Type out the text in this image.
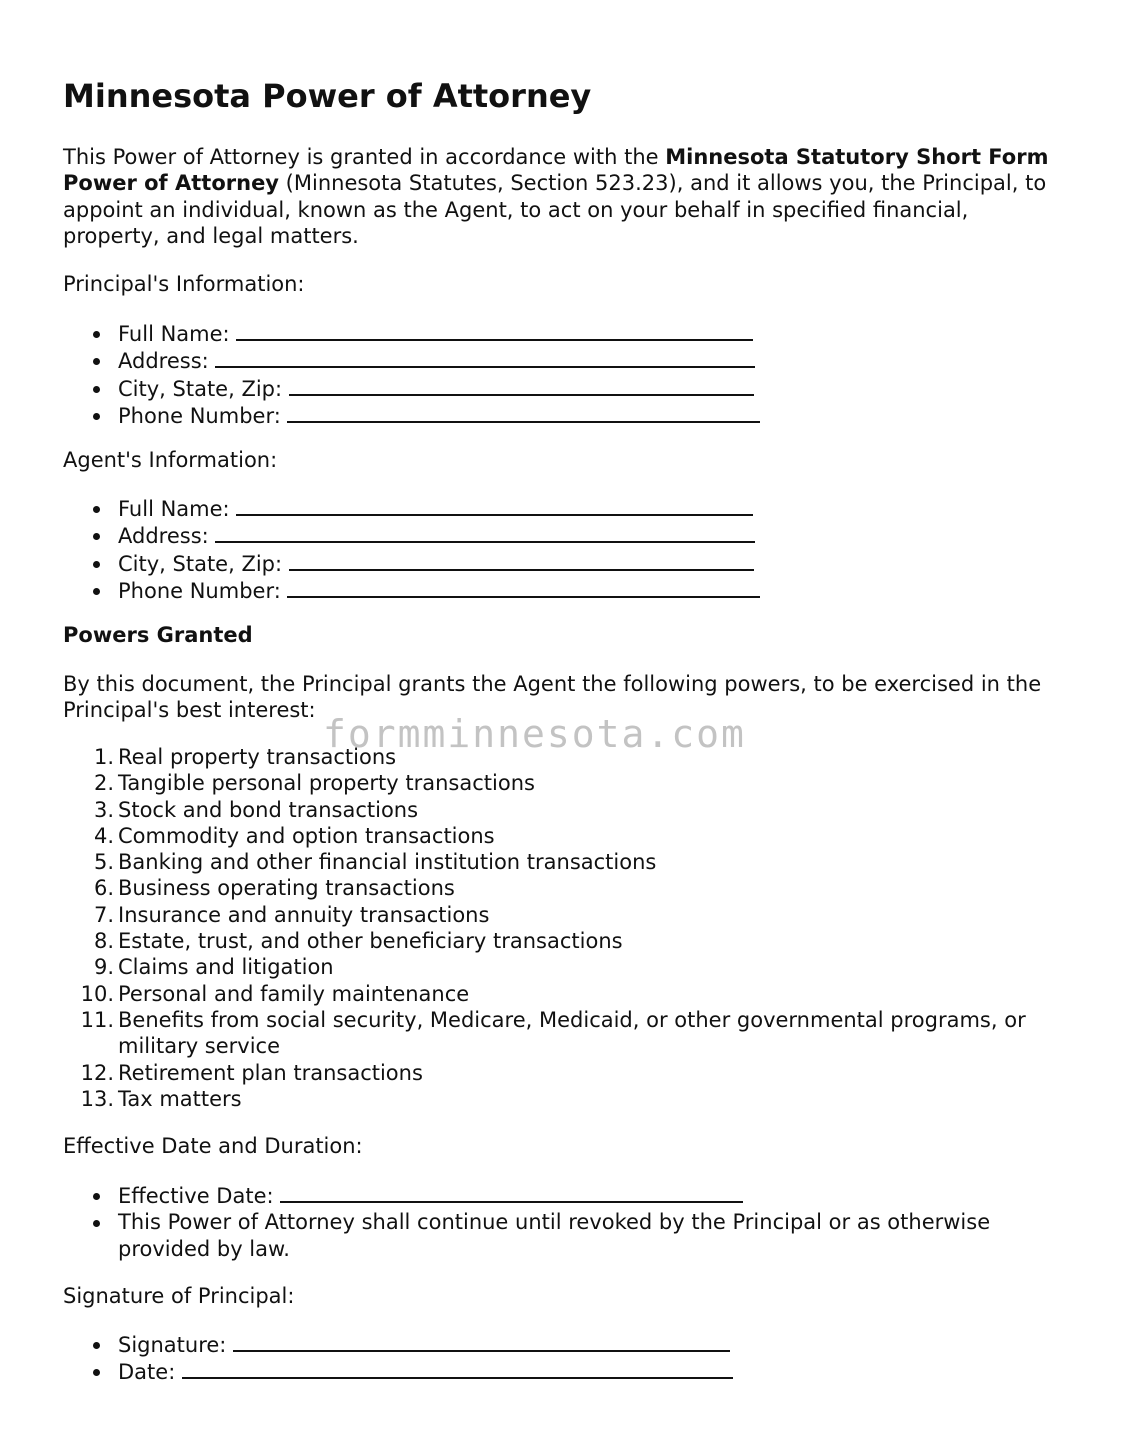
Minnesota Power of Attorney

This Power of Attorney is granted in accordance with the Minnesota Statutory Short Form Power of Attorney (Minnesota Statutes, Section 523.23), and it allows you, the Principal, to appoint an individual, known as the Agent, to act on your behalf in specified financial, property, and legal matters.

Principal's Information:

Full Name:
Address:
City, State, Zip:
Phone Number:

Agent's Information:

Full Name:
Address:
City, State, Zip:
Phone Number:

Powers Granted

By this document, the Principal grants the Agent the following powers, to be exercised in the Principal's best interest:

1. Real property transactions
2. Tangible personal property transactions
3. Stock and bond transactions
4. Commodity and option transactions
5. Banking and other financial institution transactions
6. Business operating transactions
7. Insurance and annuity transactions
8. Estate, trust, and other beneficiary transactions
9. Claims and litigation
10. Personal and family maintenance
11. Benefits from social security, Medicare, Medicaid, or other governmental programs, or military service
12. Retirement plan transactions
13. Tax matters

Effective Date and Duration:

Effective Date:
This Power of Attorney shall continue until revoked by the Principal or as otherwise provided by law.

Signature of Principal:

Signature:
Date:
formminnesota.com
